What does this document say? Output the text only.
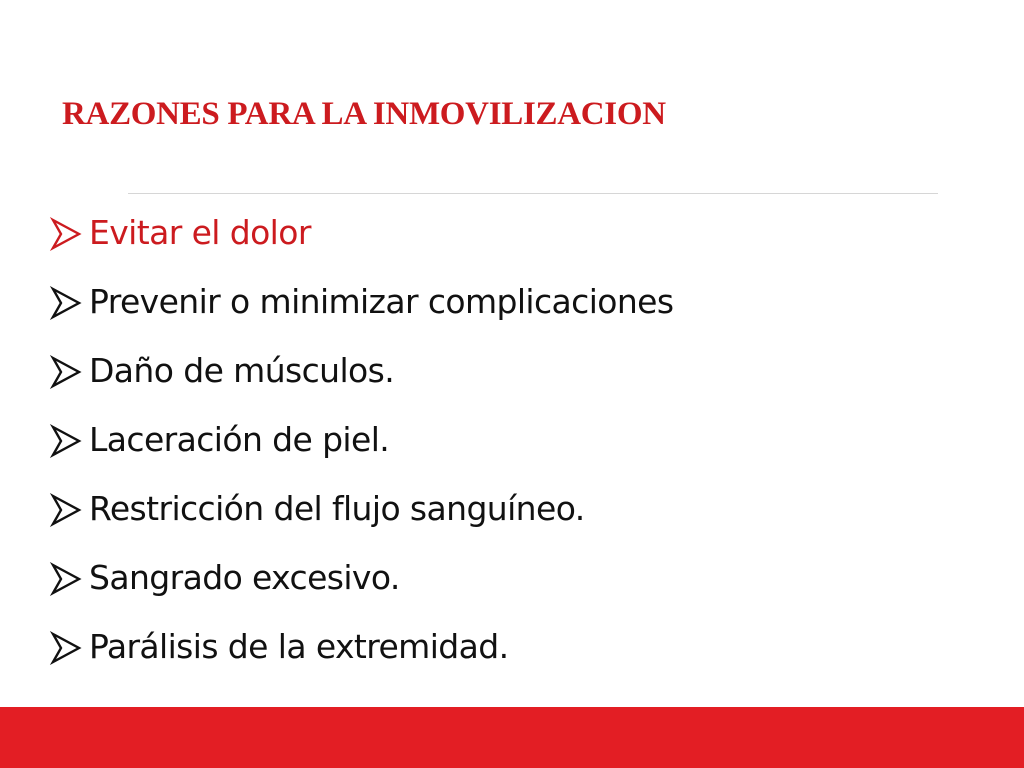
RAZONES PARA LA INMOVILIZACION
Evitar el dolor
Prevenir o minimizar complicaciones
Daño de músculos.
Laceración de piel.
Restricción del flujo sanguíneo.
Sangrado excesivo.
Parálisis de la extremidad.
